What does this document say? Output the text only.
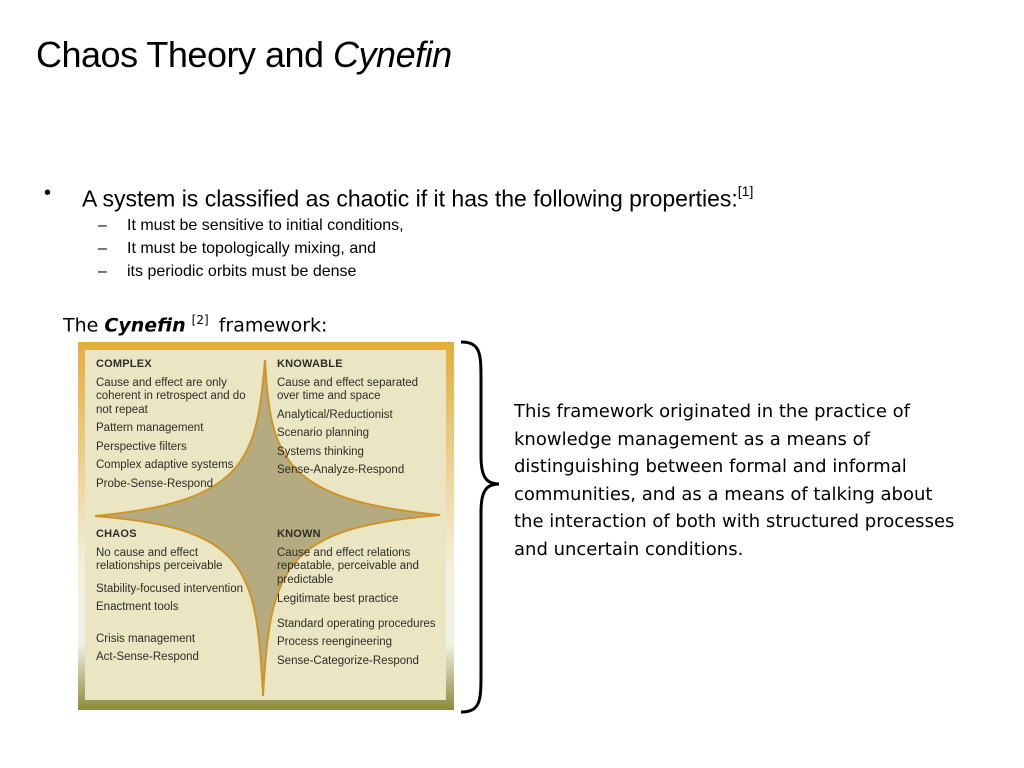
Chaos Theory and Cynefin
•	A system is classified as chaotic if it has the following properties:[1]
–	It must be sensitive to initial conditions,
–	It must be topologically mixing, and
–	its periodic orbits must be dense
The Cynefin [2] framework:
COMPLEX
Cause and effect are only coherent in retrospect and do not repeat
Pattern management
Perspective filters
Complex adaptive systems
Probe-Sense-Respond
KNOWABLE
Cause and effect separated over time and space
Analytical/Reductionist
Scenario planning
Systems thinking
Sense-Analyze-Respond
CHAOS
No cause and effect relationships perceivable
Stability-focused intervention
Enactment tools
Crisis management
Act-Sense-Respond
KNOWN
Cause and effect relations repeatable, perceivable and predictable
Legitimate best practice
Standard operating procedures
Process reengineering
Sense-Categorize-Respond
This framework originated in the practice of knowledge management as a means of distinguishing between formal and informal communities, and as a means of talking about the interaction of both with structured processes and uncertain conditions.
